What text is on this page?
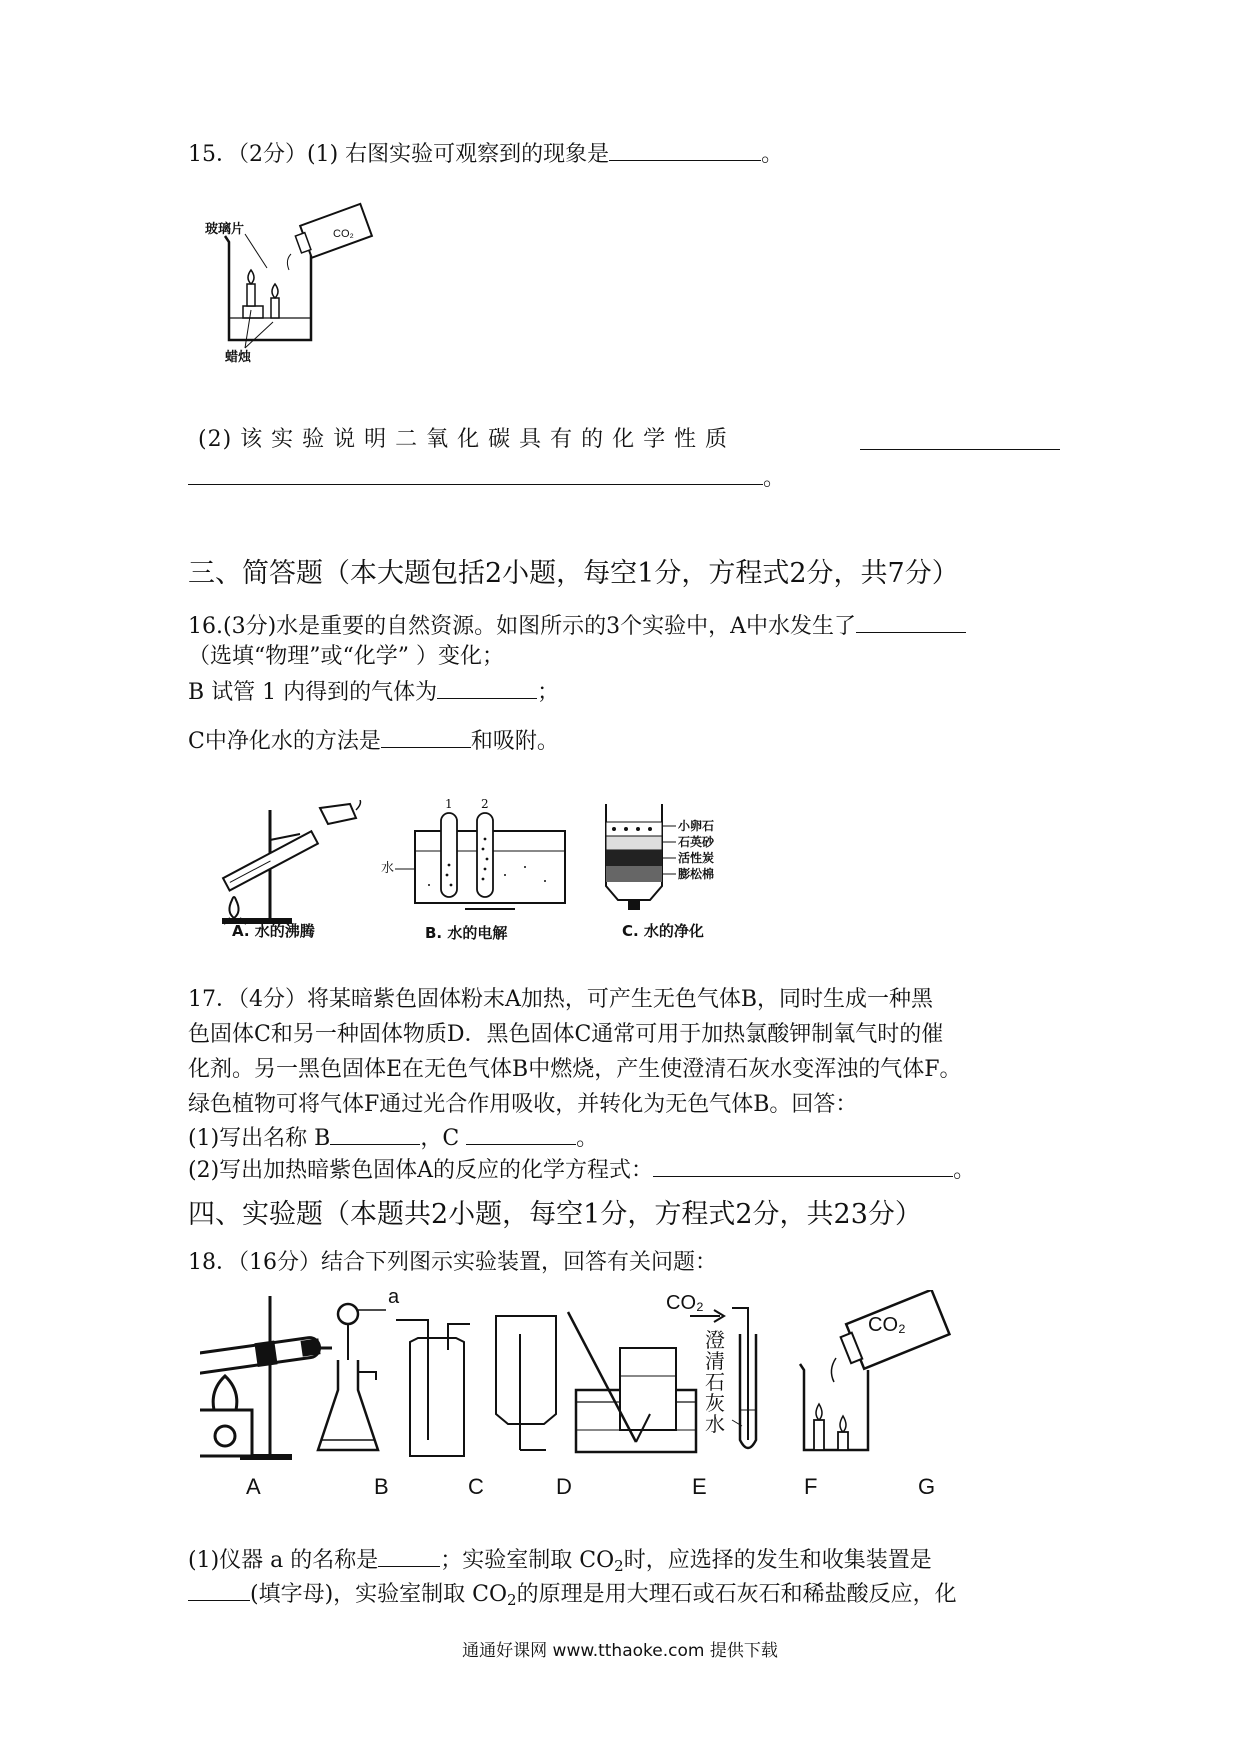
15．（2分）(1) 右图实验可观察到的现象是	。
玻璃片	CO₂
蜡烛
(2) 该 实 验 说 明 二 氧 化 碳 具 有 的 化 学 性 质
。
三、简答题（本大题包括2小题，每空1分，方程式2分，共7分）
16.(3分)水是重要的自然资源。如图所示的3个实验中，A中水发生了
（选填“物理”或“化学” ）变化；
B 试管 1 内得到的气体为	；
C中净化水的方法是	和吸附。
A. 水的沸腾
水
1 2
B. 水的电解
小卵石
石英砂
活性炭
膨松棉
C. 水的净化
17．（4分）将某暗紫色固体粉末A加热，可产生无色气体B，同时生成一种黑
色固体C和另一种固体物质D．黑色固体C通常可用于加热氯酸钾制氧气时的催
化剂。另一黑色固体E在无色气体B中燃烧，产生使澄清石灰水变浑浊的气体F。
绿色植物可将气体F通过光合作用吸收，并转化为无色气体B。回答：
(1)写出名称 B	，C	。
(2)写出加热暗紫色固体A的反应的化学方程式：	。
四、实验题（本题共2小题，每空1分，方程式2分，共23分）
18．（16分）结合下列图示实验装置，回答有关问题：
a	CO₂
澄清石灰水
CO₂
A	B	C	D	E	F	G
(1)仪器 a 的名称是	；实验室制取 $CO_2$时，应选择的发生和收集装置是
(填字母)，实验室制取 $CO_2$的原理是用大理石或石灰石和稀盐酸反应，化
通通好课网 www.tthaoke.com 提供下载
